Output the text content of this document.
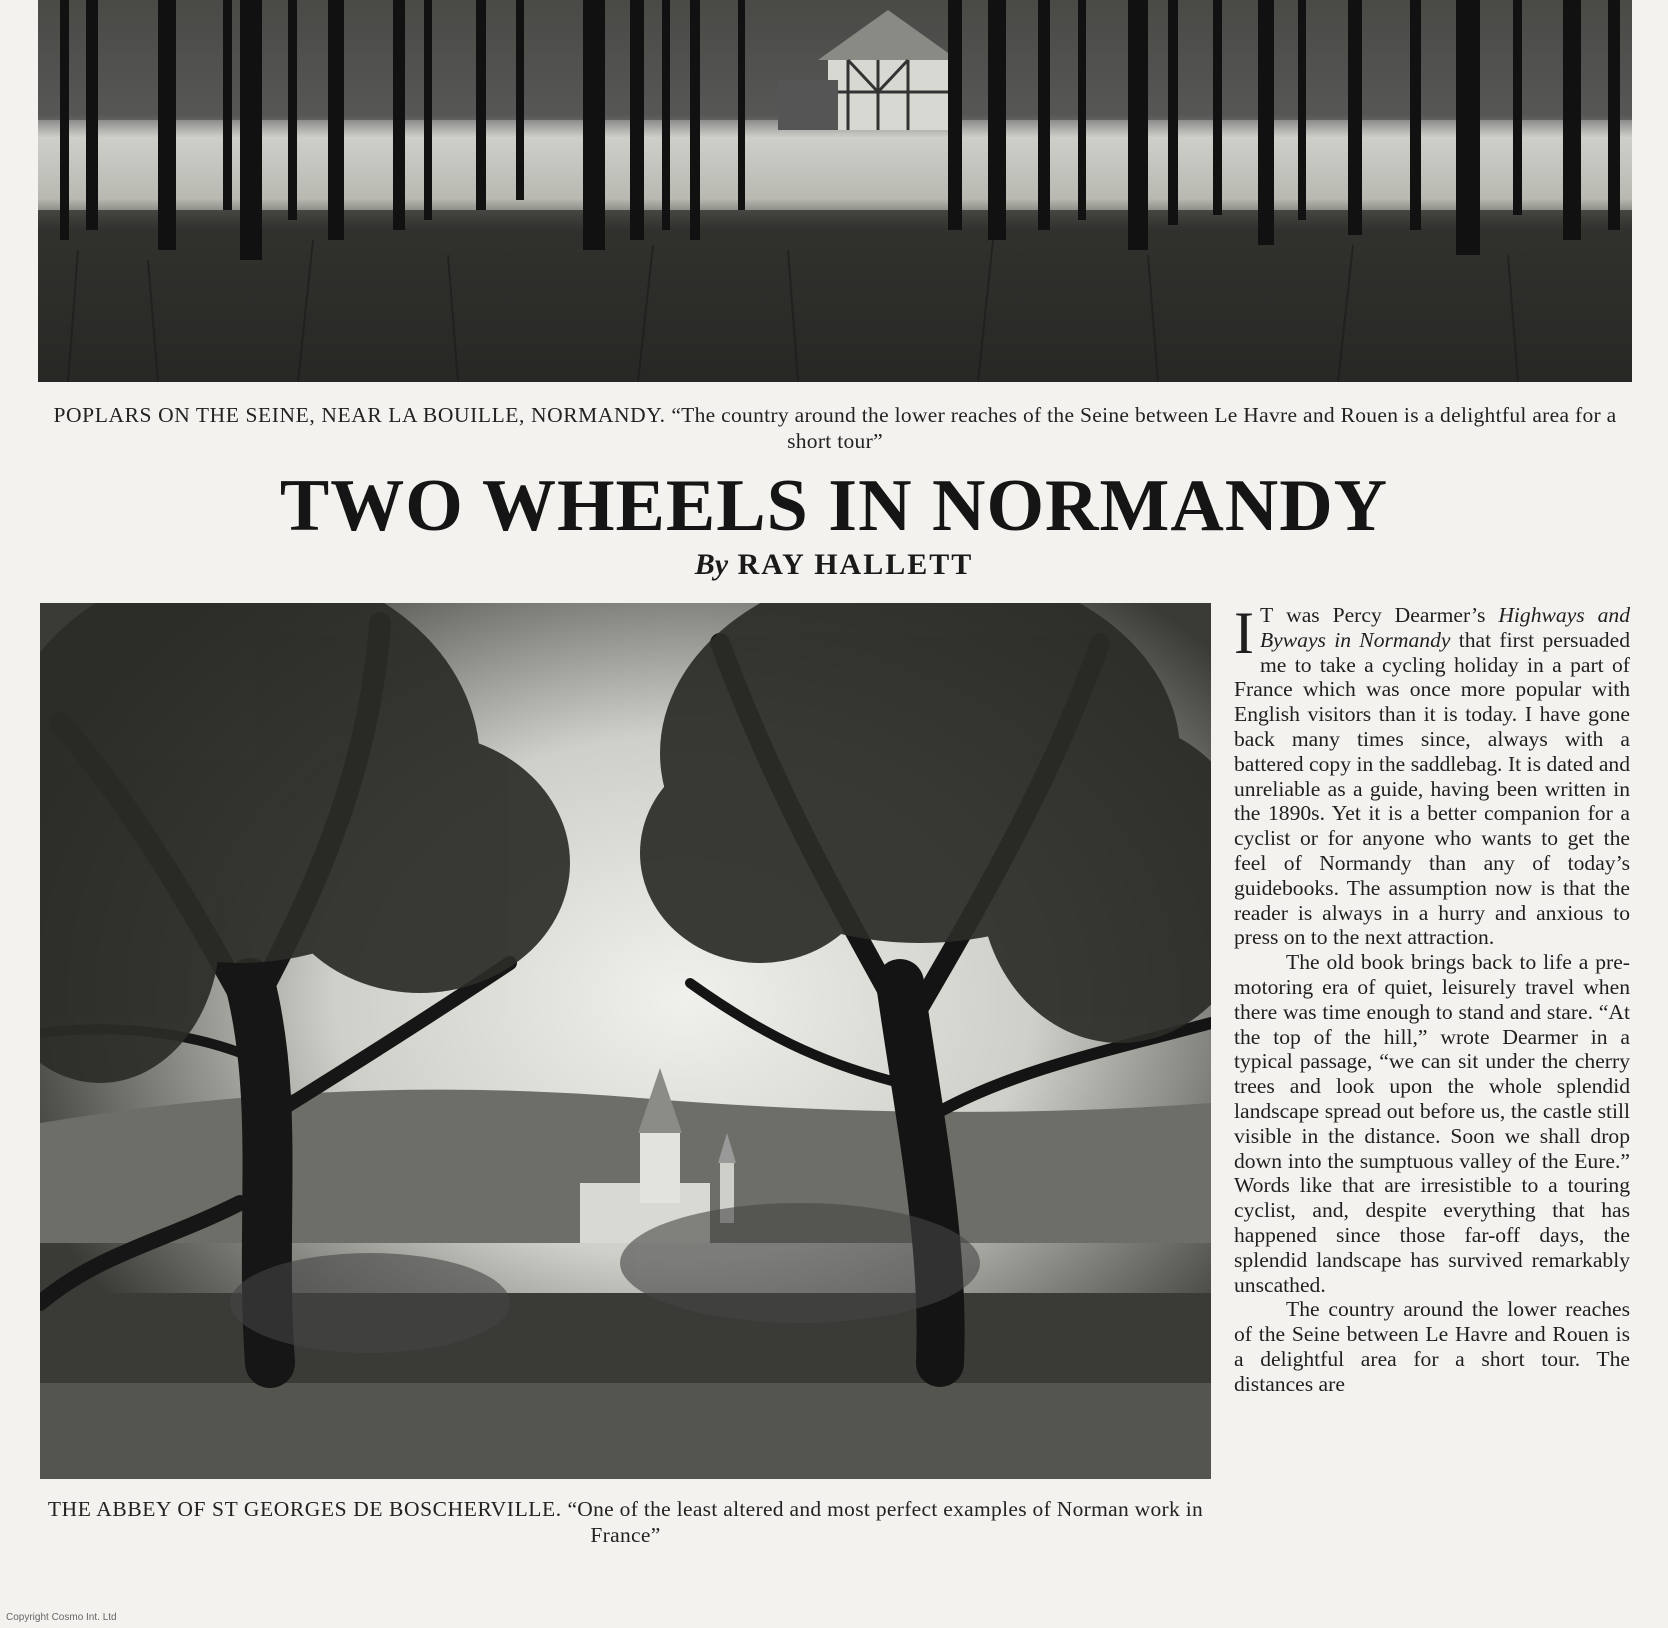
POPLARS ON THE SEINE, NEAR LA BOUILLE, NORMANDY. “The country around the lower reaches of the Seine between Le Havre and Rouen is a delightful area for a short tour”
TWO WHEELS IN NORMANDY
By RAY HALLETT
THE ABBEY OF ST GEORGES DE BOSCHERVILLE. “One of the least altered and most perfect examples of Norman work in France”

I T was Percy Dearmer’s Highways and Byways in Normandy that first persuaded me to take a cycling holiday in a part of France which was once more popular with English visitors than it is today. I have gone back many times since, always with a battered copy in the saddlebag. It is dated and unreliable as a guide, having been written in the 1890s. Yet it is a better companion for a cyclist or for anyone who wants to get the feel of Normandy than any of today’s guidebooks. The assumption now is that the reader is always in a hurry and anxious to press on to the next attraction.

The old book brings back to life a pre-motoring era of quiet, leisurely travel when there was time enough to stand and stare. “At the top of the hill,” wrote Dearmer in a typical passage, “we can sit under the cherry trees and look upon the whole splendid landscape spread out before us, the castle still visible in the distance. Soon we shall drop down into the sumptuous valley of the Eure.” Words like that are irresistible to a touring cyclist, and, despite everything that has happened since those far-off days, the splendid landscape has survived remarkably unscathed.

The country around the lower reaches of the Seine between Le Havre and Rouen is a delightful area for a short tour. The distances are

Copyright Cosmo Int. Ltd
